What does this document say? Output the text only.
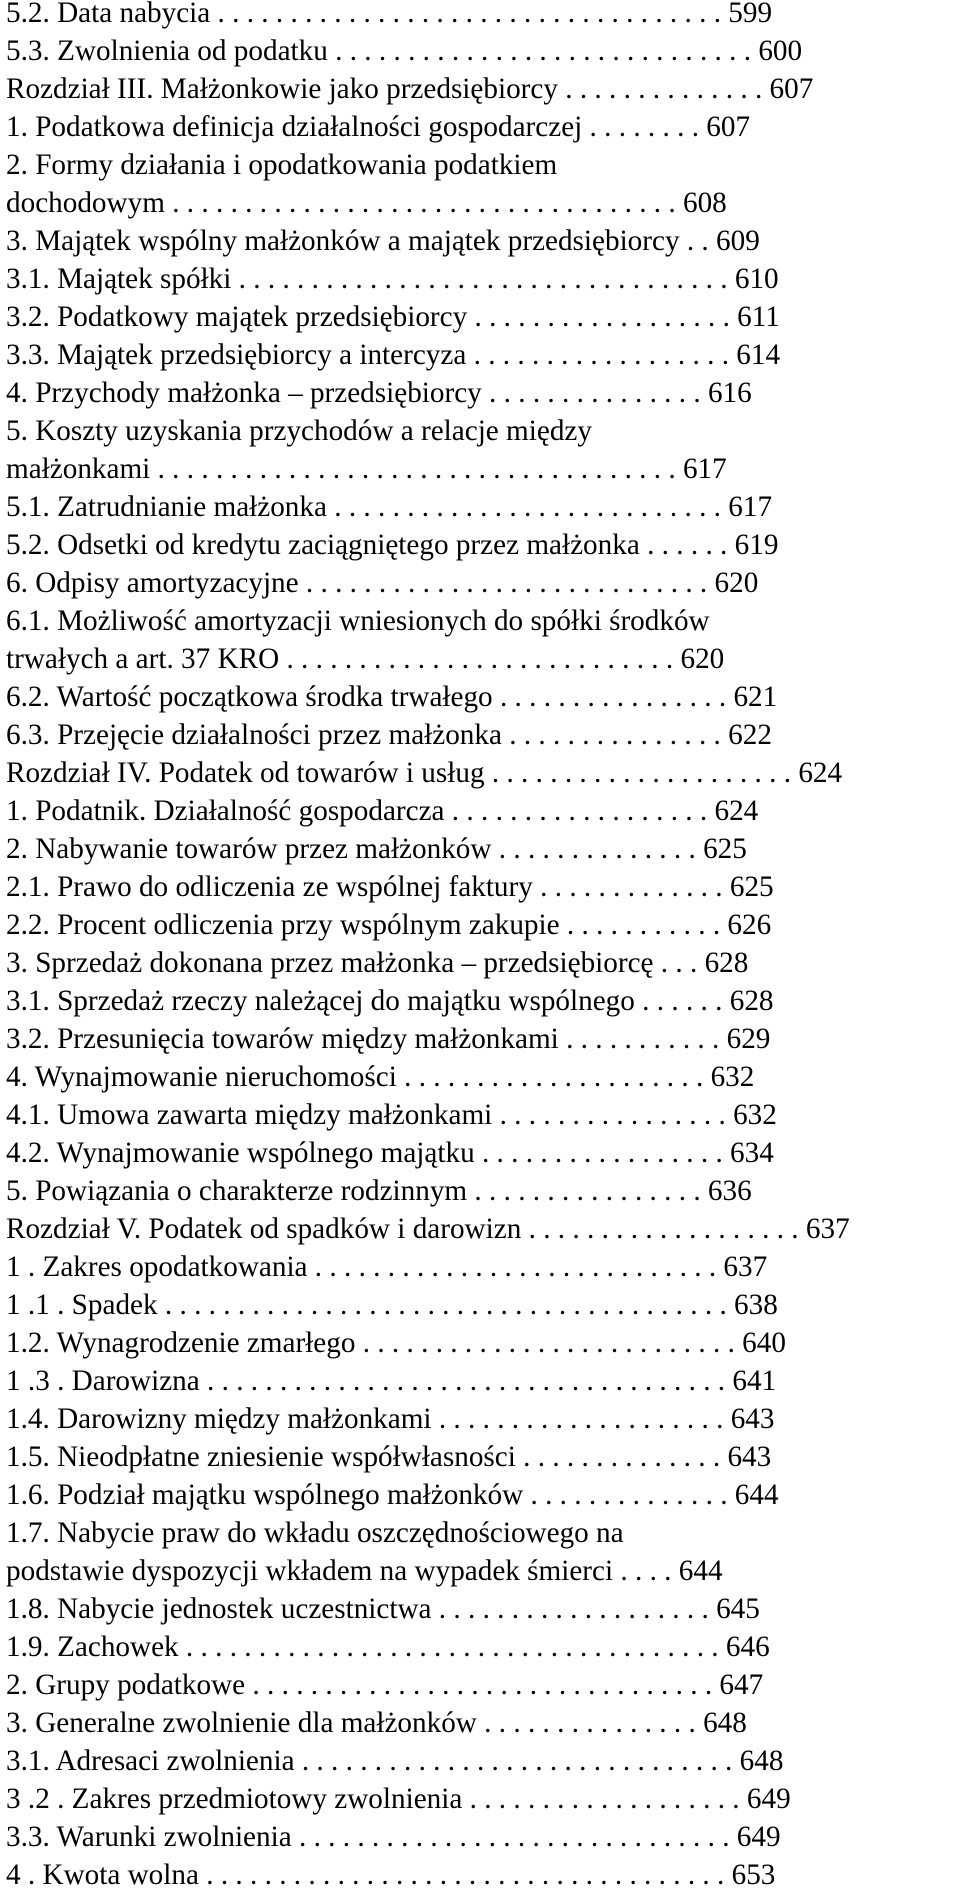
5.2. Data nabycia . . . . . . . . . . . . . . . . . . . . . . . . . . . . . . . . . . . 599
5.3. Zwolnienia od podatku . . . . . . . . . . . . . . . . . . . . . . . . . . . . . 600
Rozdział III. Małżonkowie jako przedsiębiorcy . . . . . . . . . . . . . . 607
1. Podatkowa definicja działalności gospodarczej . . . . . . . . 607
2. Formy działania i opodatkowania podatkiem
dochodowym . . . . . . . . . . . . . . . . . . . . . . . . . . . . . . . . . . . 608
3. Majątek wspólny małżonków a majątek przedsiębiorcy . . 609
3.1. Majątek spółki . . . . . . . . . . . . . . . . . . . . . . . . . . . . . . . . . . 610
3.2. Podatkowy majątek przedsiębiorcy . . . . . . . . . . . . . . . . . . 611
3.3. Majątek przedsiębiorcy a intercyza . . . . . . . . . . . . . . . . . . 614
4. Przychody małżonka – przedsiębiorcy . . . . . . . . . . . . . . . 616
5. Koszty uzyskania przychodów a relacje między
małżonkami . . . . . . . . . . . . . . . . . . . . . . . . . . . . . . . . . . . . 617
5.1. Zatrudnianie małżonka . . . . . . . . . . . . . . . . . . . . . . . . . . . 617
5.2. Odsetki od kredytu zaciągniętego przez małżonka . . . . . . 619
6. Odpisy amortyzacyjne . . . . . . . . . . . . . . . . . . . . . . . . . . . . 620
6.1. Możliwość amortyzacji wniesionych do spółki środków
trwałych a art. 37 KRO . . . . . . . . . . . . . . . . . . . . . . . . . . . 620
6.2. Wartość początkowa środka trwałego . . . . . . . . . . . . . . . . 621
6.3. Przejęcie działalności przez małżonka . . . . . . . . . . . . . . . 622
Rozdział IV. Podatek od towarów i usług . . . . . . . . . . . . . . . . . . . . . 624
1. Podatnik. Działalność gospodarcza . . . . . . . . . . . . . . . . . . 624
2. Nabywanie towarów przez małżonków . . . . . . . . . . . . . . 625
2.1. Prawo do odliczenia ze wspólnej faktury . . . . . . . . . . . . . 625
2.2. Procent odliczenia przy wspólnym zakupie . . . . . . . . . . . 626
3. Sprzedaż dokonana przez małżonka – przedsiębiorcę . . . 628
3.1. Sprzedaż rzeczy należącej do majątku wspólnego . . . . . . 628
3.2. Przesunięcia towarów między małżonkami . . . . . . . . . . . 629
4. Wynajmowanie nieruchomości . . . . . . . . . . . . . . . . . . . . . 632
4.1. Umowa zawarta między małżonkami . . . . . . . . . . . . . . . . 632
4.2. Wynajmowanie wspólnego majątku . . . . . . . . . . . . . . . . . 634
5. Powiązania o charakterze rodzinnym . . . . . . . . . . . . . . . . 636
Rozdział V. Podatek od spadków i darowizn . . . . . . . . . . . . . . . . . . . 637
1 . Zakres opodatkowania . . . . . . . . . . . . . . . . . . . . . . . . . . . . 637
1 .1 . Spadek . . . . . . . . . . . . . . . . . . . . . . . . . . . . . . . . . . . . . . . 638
1.2. Wynagrodzenie zmarłego . . . . . . . . . . . . . . . . . . . . . . . . . . 640
1 .3 . Darowizna . . . . . . . . . . . . . . . . . . . . . . . . . . . . . . . . . . . . 641
1.4. Darowizny między małżonkami . . . . . . . . . . . . . . . . . . . . 643
1.5. Nieodpłatne zniesienie współwłasności . . . . . . . . . . . . . . 643
1.6. Podział majątku wspólnego małżonków . . . . . . . . . . . . . . 644
1.7. Nabycie praw do wkładu oszczędnościowego na
podstawie dyspozycji wkładem na wypadek śmierci . . . . 644
1.8. Nabycie jednostek uczestnictwa . . . . . . . . . . . . . . . . . . . 645
1.9. Zachowek . . . . . . . . . . . . . . . . . . . . . . . . . . . . . . . . . . . . . 646
2. Grupy podatkowe . . . . . . . . . . . . . . . . . . . . . . . . . . . . . . . . 647
3. Generalne zwolnienie dla małżonków . . . . . . . . . . . . . . . 648
3.1. Adresaci zwolnienia . . . . . . . . . . . . . . . . . . . . . . . . . . . . . . 648
3 .2 . Zakres przedmiotowy zwolnienia . . . . . . . . . . . . . . . . . . . 649
3.3. Warunki zwolnienia . . . . . . . . . . . . . . . . . . . . . . . . . . . . . . 649
4 . Kwota wolna . . . . . . . . . . . . . . . . . . . . . . . . . . . . . . . . . . . . 653
